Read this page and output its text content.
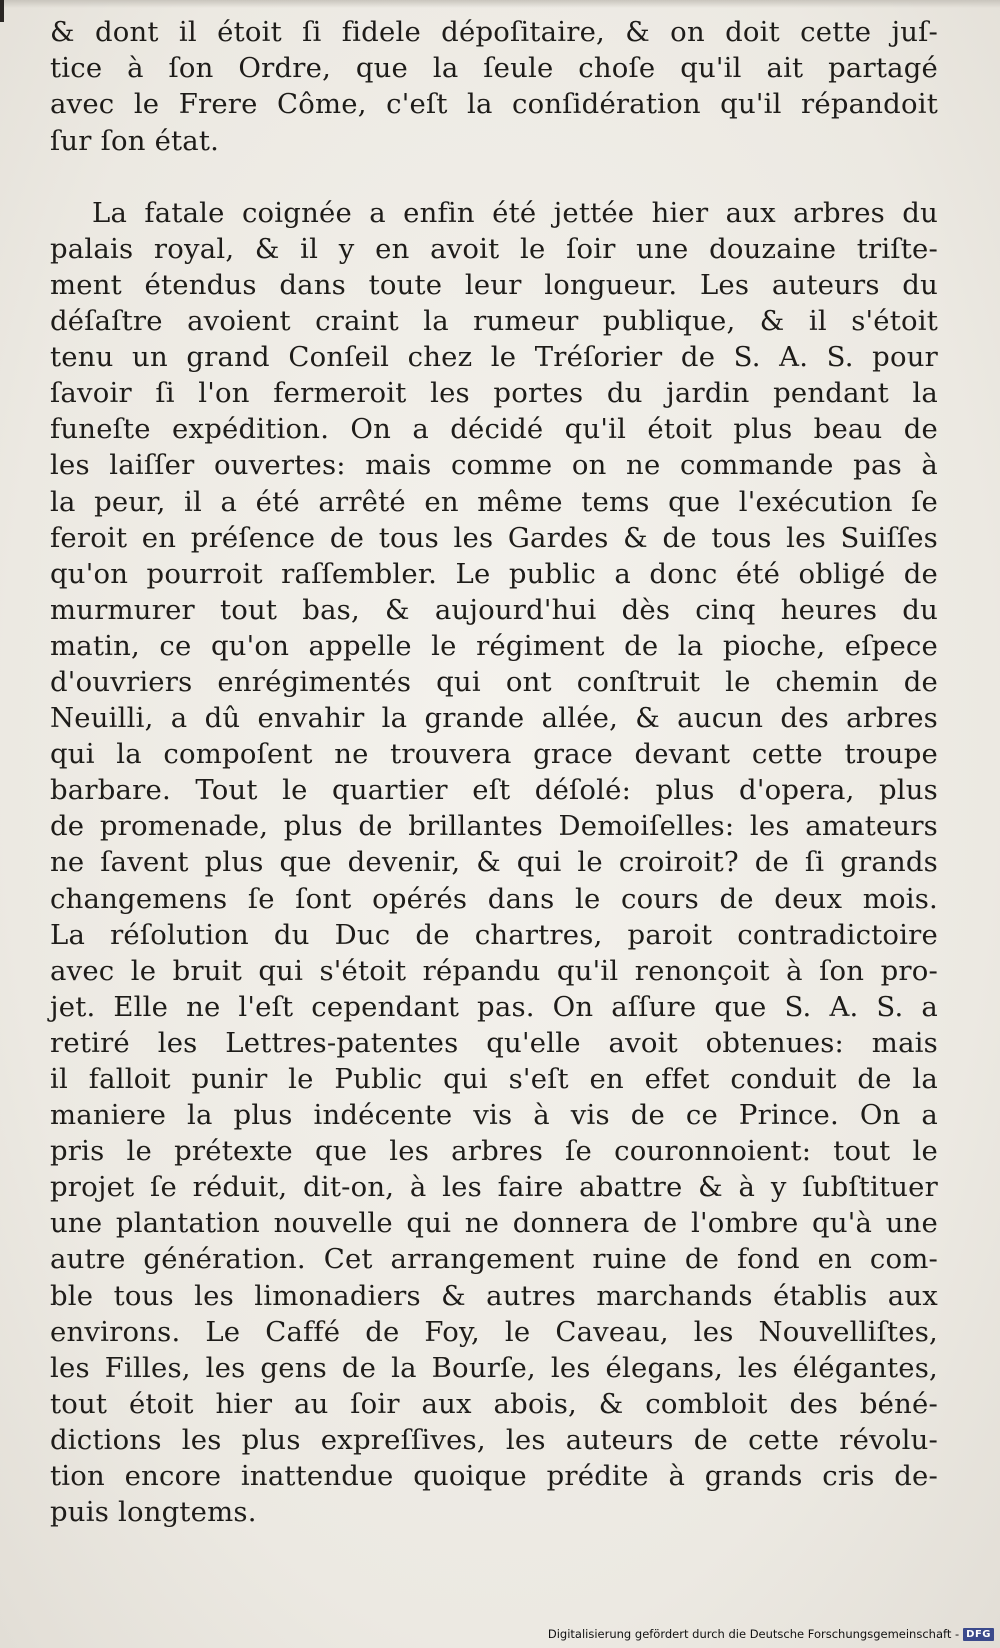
& dont il étoit ſi fidele dépoſitaire, & on doit cette juſ-
tice à ſon Ordre, que la ſeule choſe qu'il ait partagé
avec le Frere Côme, c'eſt la conſidération qu'il répandoit
ſur ſon état.
La fatale coignée a enfin été jettée hier aux arbres du
palais royal, & il y en avoit le ſoir une douzaine triſte-
ment étendus dans toute leur longueur. Les auteurs du
déſaſtre avoient craint la rumeur publique, & il s'étoit
tenu un grand Conſeil chez le Tréſorier de S. A. S. pour
ſavoir ſi l'on fermeroit les portes du jardin pendant la
funeſte expédition. On a décidé qu'il étoit plus beau de
les laiſſer ouvertes: mais comme on ne commande pas à
la peur, il a été arrêté en même tems que l'exécution ſe
feroit en préſence de tous les Gardes & de tous les Suiſſes
qu'on pourroit raſſembler. Le public a donc été obligé de
murmurer tout bas, & aujourd'hui dès cinq heures du
matin, ce qu'on appelle le régiment de la pioche, eſpece
d'ouvriers enrégimentés qui ont conſtruit le chemin de
Neuilli, a dû envahir la grande allée, & aucun des arbres
qui la compoſent ne trouvera grace devant cette troupe
barbare. Tout le quartier eſt déſolé: plus d'opera, plus
de promenade, plus de brillantes Demoiſelles: les amateurs
ne ſavent plus que devenir, & qui le croiroit? de ſi grands
changemens ſe ſont opérés dans le cours de deux mois.
La réſolution du Duc de chartres, paroit contradictoire
avec le bruit qui s'étoit répandu qu'il renonçoit à ſon pro-
jet. Elle ne l'eſt cependant pas. On aſſure que S. A. S. a
retiré les Lettres-patentes qu'elle avoit obtenues: mais
il falloit punir le Public qui s'eſt en effet conduit de la
maniere la plus indécente vis à vis de ce Prince. On a
pris le prétexte que les arbres ſe couronnoient: tout le
projet ſe réduit, dit-on, à les faire abattre & à y ſubſtituer
une plantation nouvelle qui ne donnera de l'ombre qu'à une
autre génération. Cet arrangement ruine de fond en com-
ble tous les limonadiers & autres marchands établis aux
environs. Le Caffé de Foy, le Caveau, les Nouvelliſtes,
les Filles, les gens de la Bourſe, les élegans, les élégantes,
tout étoit hier au ſoir aux abois, & combloit des béné-
dictions les plus expreſſives, les auteurs de cette révolu-
tion encore inattendue quoique prédite à grands cris de-
puis longtems.
Digitalisierung gefördert durch die Deutsche Forschungsgemeinschaft - DFG
